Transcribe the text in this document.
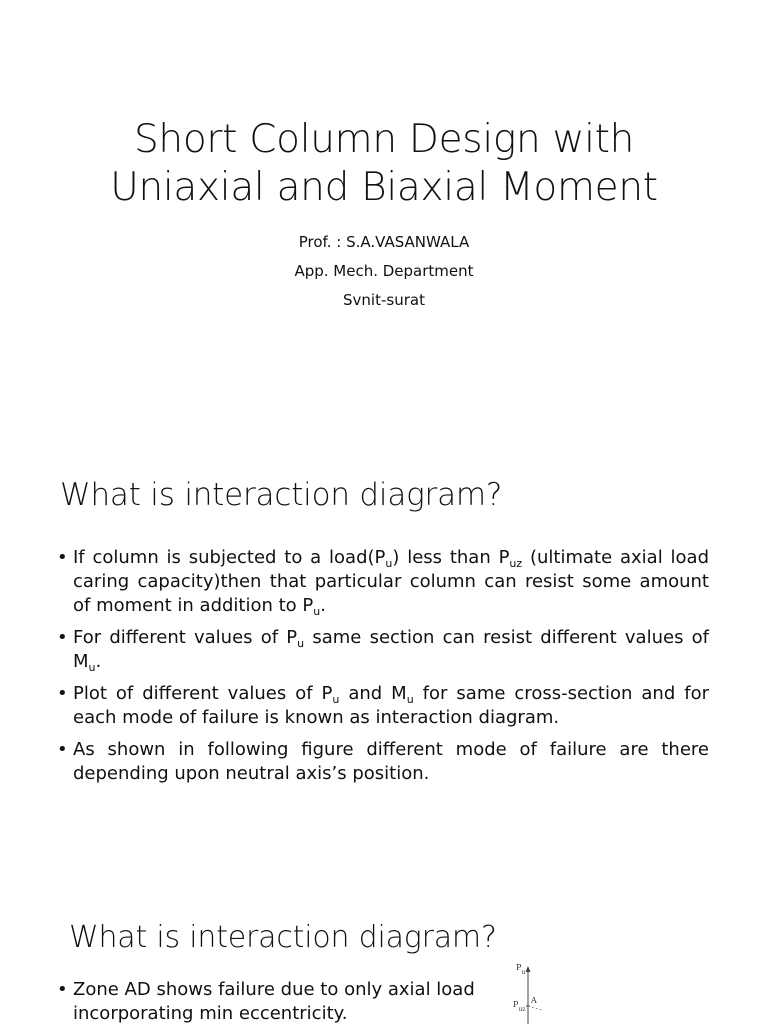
Short Column Design with
Uniaxial and Biaxial Moment
Prof. : S.A.VASANWALA
App. Mech. Department
Svnit-surat
What is interaction diagram?
• If column is subjected to a $load(P_u)$ less than $P_{uz}$ (ultimate axial load caring capacity)then that particular column can resist some amount of moment in addition to $P_u$.
• For different values of $P_u$ same section can resist different values of $M_u$.
• Plot of different values of $P_u$ and $M_u$ for same cross-section and for each mode of failure is known as interaction diagram.
• As shown in following figure different mode of failure are there depending upon neutral axis’s position.
What is interaction diagram?
• Zone AD shows failure due to only axial load incorporating min eccentricity.
$P_u$
$P_{uz}$
A
